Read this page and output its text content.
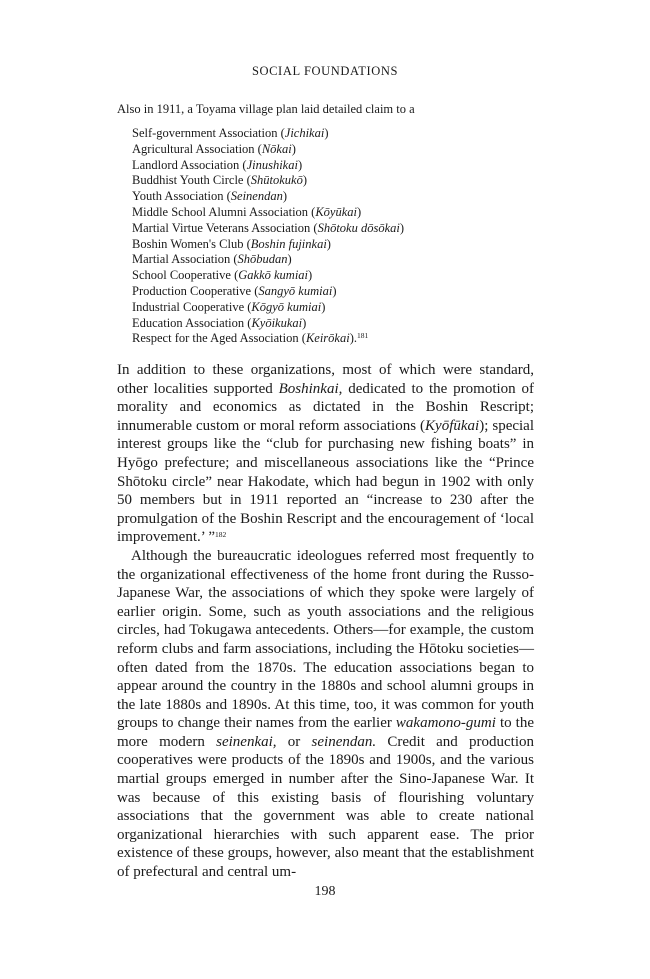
SOCIAL FOUNDATIONS
Also in 1911, a Toyama village plan laid detailed claim to a
Self-government Association (Jichikai)
Agricultural Association (Nōkai)
Landlord Association (Jinushikai)
Buddhist Youth Circle (Shūtokukō)
Youth Association (Seinendan)
Middle School Alumni Association (Kōyūkai)
Martial Virtue Veterans Association (Shōtoku dōsōkai)
Boshin Women's Club (Boshin fujinkai)
Martial Association (Shōbudan)
School Cooperative (Gakkō kumiai)
Production Cooperative (Sangyō kumiai)
Industrial Cooperative (Kōgyō kumiai)
Education Association (Kyōikukai)
Respect for the Aged Association (Keirōkai).$^{181}$

In addition to these organizations, most of which were standard, other localities supported Boshinkai, dedicated to the promotion of morality and economics as dictated in the Boshin Rescript; innumerable custom or moral reform associations (Kyōfūkai); special interest groups like the “club for purchasing new fishing boats” in Hyōgo prefecture; and miscellaneous associations like the “Prince Shōtoku circle” near Hakodate, which had begun in 1902 with only 50 members but in 1911 reported an “increase to 230 after the promulgation of the Boshin Rescript and the encouragement of ‘local improvement.’ ”$^{182}$

Although the bureaucratic ideologues referred most frequently to the organizational effectiveness of the home front during the Russo-Japanese War, the associations of which they spoke were largely of earlier origin. Some, such as youth associations and the religious circles, had Tokugawa antecedents. Others—for example, the custom reform clubs and farm associations, including the Hōtoku societies—often dated from the 1870s. The education associations began to appear around the country in the 1880s and school alumni groups in the late 1880s and 1890s. At this time, too, it was common for youth groups to change their names from the earlier wakamono-gumi to the more modern seinenkai, or seinendan. Credit and production cooperatives were products of the 1890s and 1900s, and the various martial groups emerged in number after the Sino-Japanese War. It was because of this existing basis of flourishing voluntary associations that the government was able to create national organizational hierarchies with such apparent ease. The prior existence of these groups, however, also meant that the establishment of prefectural and central um-

198
